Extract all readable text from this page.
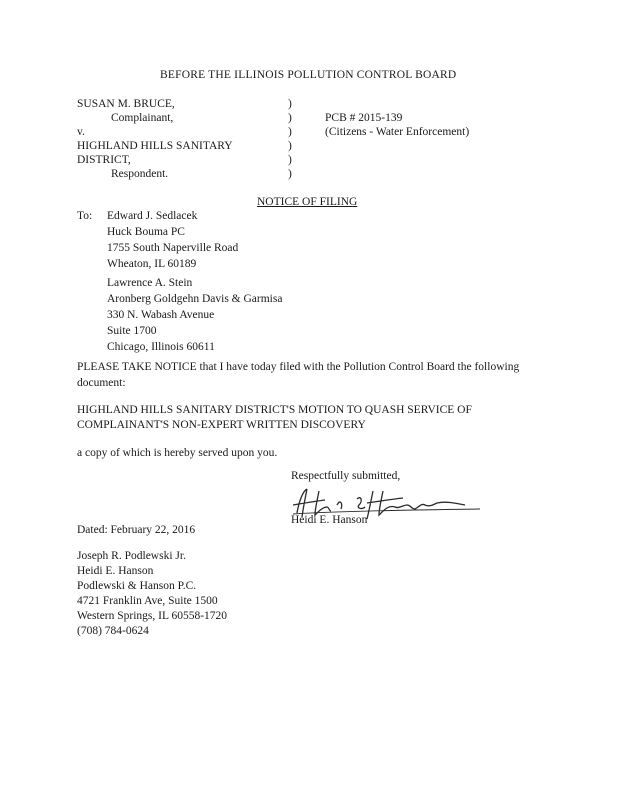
BEFORE THE ILLINOIS POLLUTION CONTROL BOARD
SUSAN M. BRUCE,
Complainant,
v.
HIGHLAND HILLS SANITARY
DISTRICT,
Respondent.
)
)
)
)
)
)
PCB # 2015-139
(Citizens - Water Enforcement)
NOTICE OF FILING
To: Edward J. Sedlacek
Huck Bouma PC
1755 South Naperville Road
Wheaton, IL 60189
Lawrence A. Stein
Aronberg Goldgehn Davis & Garmisa
330 N. Wabash Avenue
Suite 1700
Chicago, Illinois 60611
PLEASE TAKE NOTICE that I have today filed with the Pollution Control Board the following document:
HIGHLAND HILLS SANITARY DISTRICT'S MOTION TO QUASH SERVICE OF
COMPLAINANT'S NON-EXPERT WRITTEN DISCOVERY
a copy of which is hereby served upon you.
Respectfully submitted,
Heidi E. Hanson
Dated: February 22, 2016
Joseph R. Podlewski Jr.
Heidi E. Hanson
Podlewski & Hanson P.C.
4721 Franklin Ave, Suite 1500
Western Springs, IL 60558-1720
(708) 784-0624
